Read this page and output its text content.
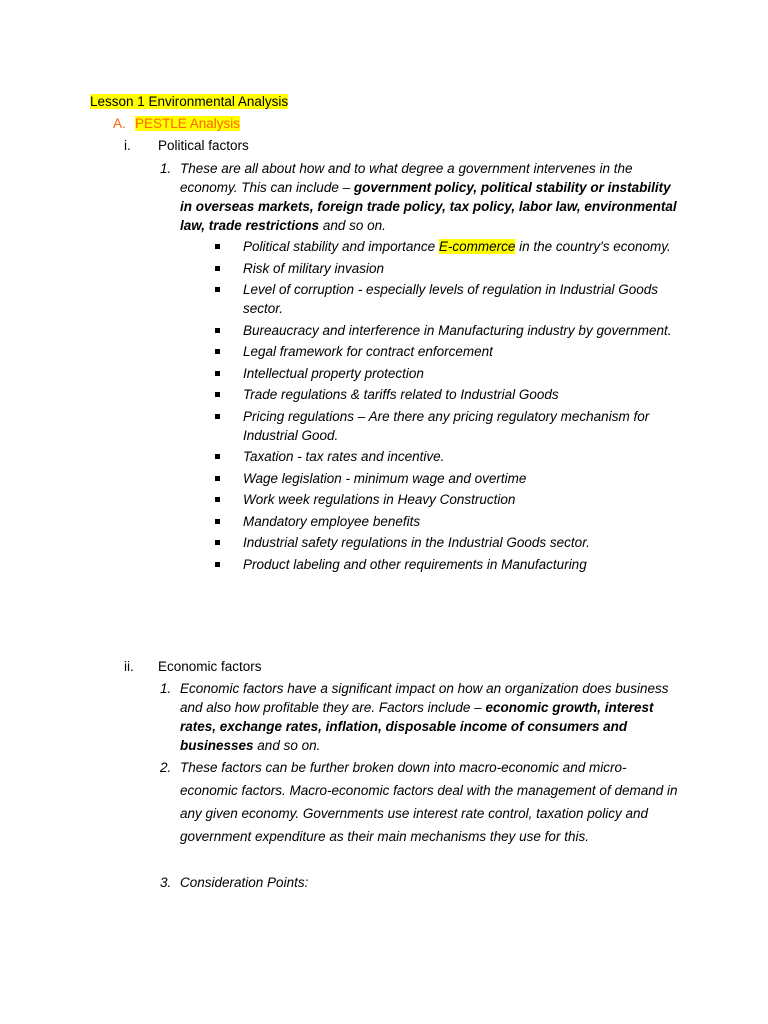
Lesson 1 Environmental Analysis
A. PESTLE Analysis
i. Political factors
1. These are all about how and to what degree a government intervenes in the economy. This can include – government policy, political stability or instability in overseas markets, foreign trade policy, tax policy, labor law, environmental law, trade restrictions and so on.
Political stability and importance E-commerce in the country's economy.
Risk of military invasion
Level of corruption - especially levels of regulation in Industrial Goods sector.
Bureaucracy and interference in Manufacturing industry by government.
Legal framework for contract enforcement
Intellectual property protection
Trade regulations & tariffs related to Industrial Goods
Pricing regulations – Are there any pricing regulatory mechanism for Industrial Good.
Taxation - tax rates and incentive.
Wage legislation - minimum wage and overtime
Work week regulations in Heavy Construction
Mandatory employee benefits
Industrial safety regulations in the Industrial Goods sector.
Product labeling and other requirements in Manufacturing
ii. Economic factors
1. Economic factors have a significant impact on how an organization does business and also how profitable they are. Factors include – economic growth, interest rates, exchange rates, inflation, disposable income of consumers and businesses and so on.
2. These factors can be further broken down into macro-economic and micro-economic factors. Macro-economic factors deal with the management of demand in any given economy. Governments use interest rate control, taxation policy and government expenditure as their main mechanisms they use for this.
3. Consideration Points:
